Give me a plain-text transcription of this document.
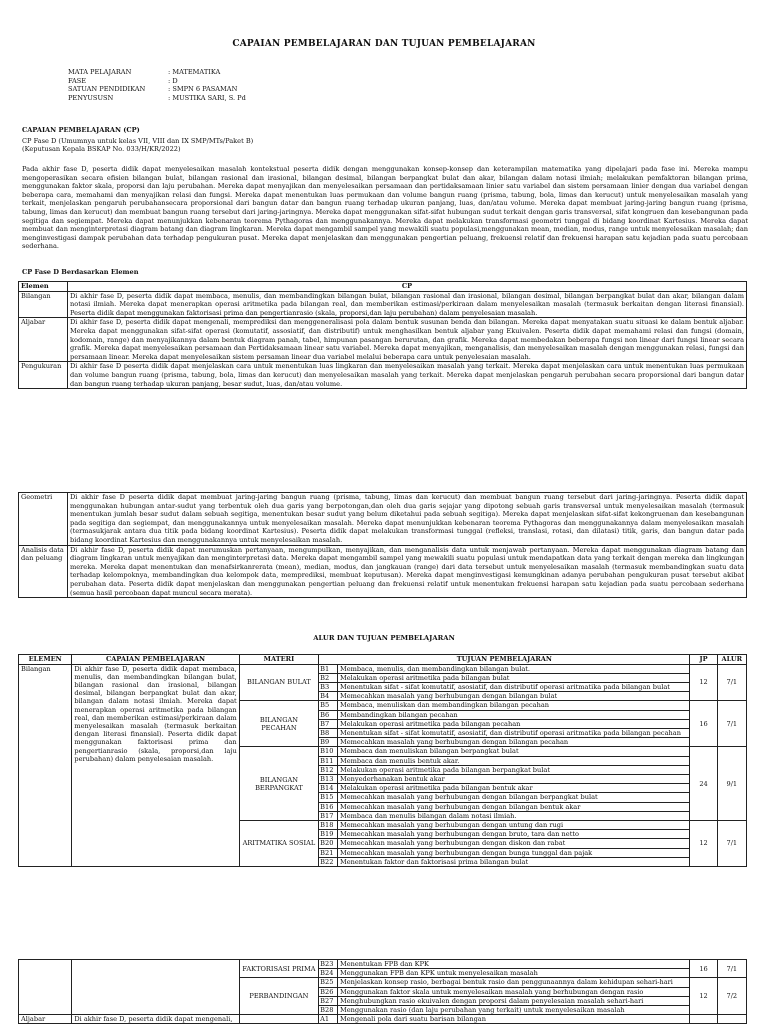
CAPAIAN PEMBELAJARAN DAN TUJUAN PEMBELAJARAN
MATA PELAJARAN	: MATEMATIKA
FASE	: D
SATUAN PENDIDIKAN	: SMPN 6 PASAMAN
PENYUSUSN	: MUSTIKA SARI, S. Pd
CAPAIAN PEMBELAJARAN (CP)
CP Fase D (Umumnya untuk kelas VII, VIII dan IX SMP/MTs/Paket B)
(Keputusan Kepala BSKAP No. 033/H/KR/2022)
Pada akhir fase D, peserta didik dapat menyelesaikan masalah kontekstual peserta didik dengan menggunakan konsep-konsep dan keterampilan matematika yang dipelajari pada fase ini. Mereka mampu mengoperasikan secara efisien bilangan bulat, bilangan rasional dan irasional, bilangan desimal, bilangan berpangkat bulat dan akar, bilangan dalam notasi ilmiah; melakukan pemfaktoran bilangan prima, menggunakan faktor skala, proporsi dan laju perubahan. Mereka dapat menyajikan dan menyelesaikan persamaan dan pertidaksamaan linier satu variabel dan sistem persamaan linier dengan dua variabel dengan beberapa cara, memahami dan menyajikan relasi dan fungsi. Mereka dapat menentukan luas permukaan dan volume bangun ruang (prisma, tabung, bola, limas dan kerucut) untuk menyelesaikan masalah yang terkait, menjelaskan pengaruh perubahansecara proporsional dari bangun datar dan bangun ruang terhadap ukuran panjang, luas, dan/atau volume. Mereka dapat membuat jaring-jaring bangun ruang (prisma, tabung, limas dan kerucut) dan membuat bangun ruang tersebut dari jaring-jaringnya. Mereka dapat menggunakan sifat-sifat hubungan sudut terkait dengan garis transversal, sifat kongruen dan kesebangunan pada segitiga dan segiempat. Mereka dapat menunjukkan kebenaran teorema Pythagoras dan menggunakannya. Mereka dapat melakukan transformasi geometri tunggal di bidang koordinat Kartesius. Mereka dapat membuat dan menginterpretasi diagram batang dan diagram lingkaran. Mereka dapat mengambil sampel yang mewakili suatu populasi,menggunakan mean, median, modus, range untuk menyelesaikan masalah; dan menginvestigasi dampak perubahan data terhadap pengukuran pusat. Mereka dapat menjelaskan dan menggunakan pengertian peluang, frekuensi relatif dan frekuensi harapan satu kejadian pada suatu percobaan sederhana.
CP Fase D Berdasarkan Elemen
Elemen	CP
Bilangan	Di akhir fase D, peserta didik dapat membaca, menulis, dan membandingkan bilangan bulat, bilangan rasional dan irasional, bilangan desimal, bilangan berpangkat bulat dan akar, bilangan dalam notasi ilmiah. Mereka dapat menerapkan operasi aritmetika pada bilangan real, dan memberikan estimasi/perkiraan dalam menyelesaikan masalah (termasuk berkaitan dengan literasi finansial). Peserta didik dapat menggunakan faktorisasi prima dan pengertianrasio (skala, proporsi,dan laju perubahan) dalam penyelesaian masalah.
Aljabar	Di akhir fase D, peserta didik dapat mengenali, memprediksi dan menggeneralisasi pola dalam bentuk susunan benda dan bilangan. Mereka dapat menyatakan suatu situasi ke dalam bentuk aljabar. Mereka dapat menggunakan sifat-sifat operasi (komutatif, assosiatif, dan distributif) untuk menghasilkan bentuk aljabar yang Ekuivalen. Peserta didik dapat memahami relasi dan fungsi (domain, kodomain, range) dan menyajikannya dalam bentuk diagram panah, tabel, himpunan pasangan berurutan, dan grafik. Mereka dapat membedakan beberapa fungsi non linear dari fungsi linear secara grafik. Mereka dapat menyelesaikan persamaan dan Pertidaksamaan linear satu variabel. Mereka dapat menyajikan, menganalisis, dan menyelesaikan masalah dengan menggunakan relasi, fungsi dan persamaan linear. Mereka dapat menyelesaikan sistem persaman linear dua variabel melalui beberapa cara untuk penyelesaian masalah.
Pengukuran	Di akhir fase D peserta didik dapat menjelaskan cara untuk menentukan luas lingkaran dan menyelesaikan masalah yang terkait. Mereka dapat menjelaskan cara untuk menentukan luas permukaan dan volume bangun ruang (prisma, tabung, bola, limas dan kerucut) dan menyelesaikan masalah yang terkait. Mereka dapat menjelaskan pengaruh perubahan secara proporsional dari bangun datar dan bangun ruang terhadap ukuran panjang, besar sudut, luas, dan/atau volume.
Geometri	Di akhir fase D peserta didik dapat membuat jaring-jaring bangun ruang (prisma, tabung, limas dan kerucut) dan membuat bangun ruang tersebut dari jaring-jaringnya. Peserta didik dapat menggunakan hubungan antar-sudut yang terbentuk oleh dua garis yang berpotongan,dan oleh dua garis sejajar yang dipotong sebuah garis transversal untuk menyelesaikan masalah (termasuk menentukan jumlah besar sudut dalam sebuah segitiga, menentukan besar sudut yang belum diketahui pada sebuah segitiga). Mereka dapat menjelaskan sifat-sifat kekongruenan dan kesebangunan pada segitiga dan segiempat, dan menggunakannya untuk menyelesaikan masalah. Mereka dapat menunjukkan kebenaran teorema Pythagoras dan menggunakannya dalam menyelesaikan masalah (termasukjarak antara dua titik pada bidang koordinat Kartesius). Peserta didik dapat melakukan transformasi tunggal (refleksi, translasi, rotasi, dan dilatasi) titik, garis, dan bangun datar pada bidang koordinat Kartesius dan menggunakannya untuk menyelesaikan masalah.
Analisis data dan peluang	Di akhir fase D, peserta didik dapat merumuskan pertanyaan, mengumpulkan, menyajikan, dan menganalisis data untuk menjawab pertanyaan. Mereka dapat menggunakan diagram batang dan diagram lingkaran untuk menyajikan dan menginterpretasi data. Mereka dapat mengambil sampel yang mewakili suatu populasi untuk mendapatkan data yang terkait dengan mereka dan lingkungan mereka. Mereka dapat menentukan dan menafsirkanrerata (mean), median, modus, dan jangkauan (range) dari data tersebut untuk menyelesaikan masalah (termasuk membandingkan suatu data terhadap kelompoknya, membandingkan dua kelompok data, memprediksi, membuat keputusan). Mereka dapat menginvestigasi kemungkinan adanya perubahan pengukuran pusat tersebut akibat perubahan data. Peserta didik dapat menjelaskan dan menggunakan pengertian peluang dan frekuensi relatif untuk menentukan frekuensi harapan satu kejadian pada suatu percobaan sederhana (semua hasil percobaan dapat muncul secara merata).
ALUR DAN TUJUAN PEMBELAJARAN
ELEMEN	CAPAIAN PEMBELAJARAN	MATERI	TUJUAN PEMBELAJARAN		JP	ALUR
Bilangan	Di akhir fase D, peserta didik dapat membaca, menulis, dan membandingkan bilangan bulat, bilangan rasional dan irasional, bilangan desimal, bilangan berpangkat bulat dan akar, bilangan dalam notasi ilmiah. Mereka dapat menerapkan operasi aritmetika pada bilangan real, dan memberikan estimasi/perkiraan dalam menyelesaikan masalah (termasuk berkaitan dengan literasi finansial). Peserta didik dapat menggunakan faktorisasi prima dan pengertianrasio (skala, proporsi,dan laju perubahan) dalam penyelesaian masalah.	BILANGAN BULAT	B1	Membaca, menulis, dan membandingkan bilangan bulat.	12	7/1
			B2	Melakukan operasi aritmetika pada bilangan bulat		
			B3	Menentukan sifat - sifat komutatif, asosiatif, dan distributif operasi aritmatika pada bilangan bulat		
			B4	Memecahkan masalah yang berhubungan dengan bilangan bulat		
		BILANGAN PECAHAN	B5	Membaca, menuliskan dan membandingkan bilangan pecahan	16	7/1
			B6	Membandingkan bilangan pecahan		
			B7	Melakukan operasi aritmetika pada bilangan pecahan		
			B8	Menentukan sifat - sifat komutatif, asosiatif, dan distributif operasi aritmatika pada bilangan pecahan		
			B9	Memecahkan masalah yang berhubungan dengan bilangan pecahan		
		BILANGAN BERPANGKAT	B10	Membaca dan menuliskan bilangan berpangkat bulat	24	9/1
			B11	Membaca dan menulis bentuk akar.		
			B12	Melakukan operasi aritmetika pada bilangan berpangkat bulat		
			B13	Menyederhanakan bentuk akar		
			B14	Melakukan operasi aritmetika pada bilangan bentuk akar		
			B15	Memecahkan masalah yang berhubungan dengan bilangan berpangkat bulat		
			B16	Memecahkan masalah yang berhubungan dengan bilangan bentuk akar		
			B17	Membaca dan menulis bilangan dalam notasi ilmiah.		
		ARITMATIKA SOSIAL	B18	Memecahkan masalah yang berhubungan dengan untung dan rugi	12	7/1
			B19	Memecahkan masalah yang berhubungan dengan bruto, tara dan netto		
			B20	Memecahkan masalah yang berhubungan dengan diskon dan rabat		
			B21	Memecahkan masalah yang berhubungan dengan bunga tunggal dan pajak		
			B22	Menentukan faktor dan faktorisasi prima bilangan bulat		
		FAKTORISASI PRIMA	B23	Menentukan FPB dan KPK	16	7/1
			B24	Menggunakan FPB dan KPK untuk menyelesaikan masalah		
		PERBANDINGAN	B25	Menjelaskan konsep rasio, berbagai bentuk rasio dan penggunaannya dalam kehidupan sehari-hari	12	7/2
			B26	Menggunakan faktor skala untuk menyelesaikan masalah yang berhubungan dengan rasio		
			B27	Menghubungkan rasio ekuivalen dengan proporsi dalam penyelesaian masalah sehari-hari		
			B28	Menggunakan rasio (dan laju perubahan yang terkait) untuk menyelesaikan masalah		
Aljabar	Di akhir fase D, peserta didik dapat mengenali,		A1	Mengenali pola dari suatu barisan bilangan		
